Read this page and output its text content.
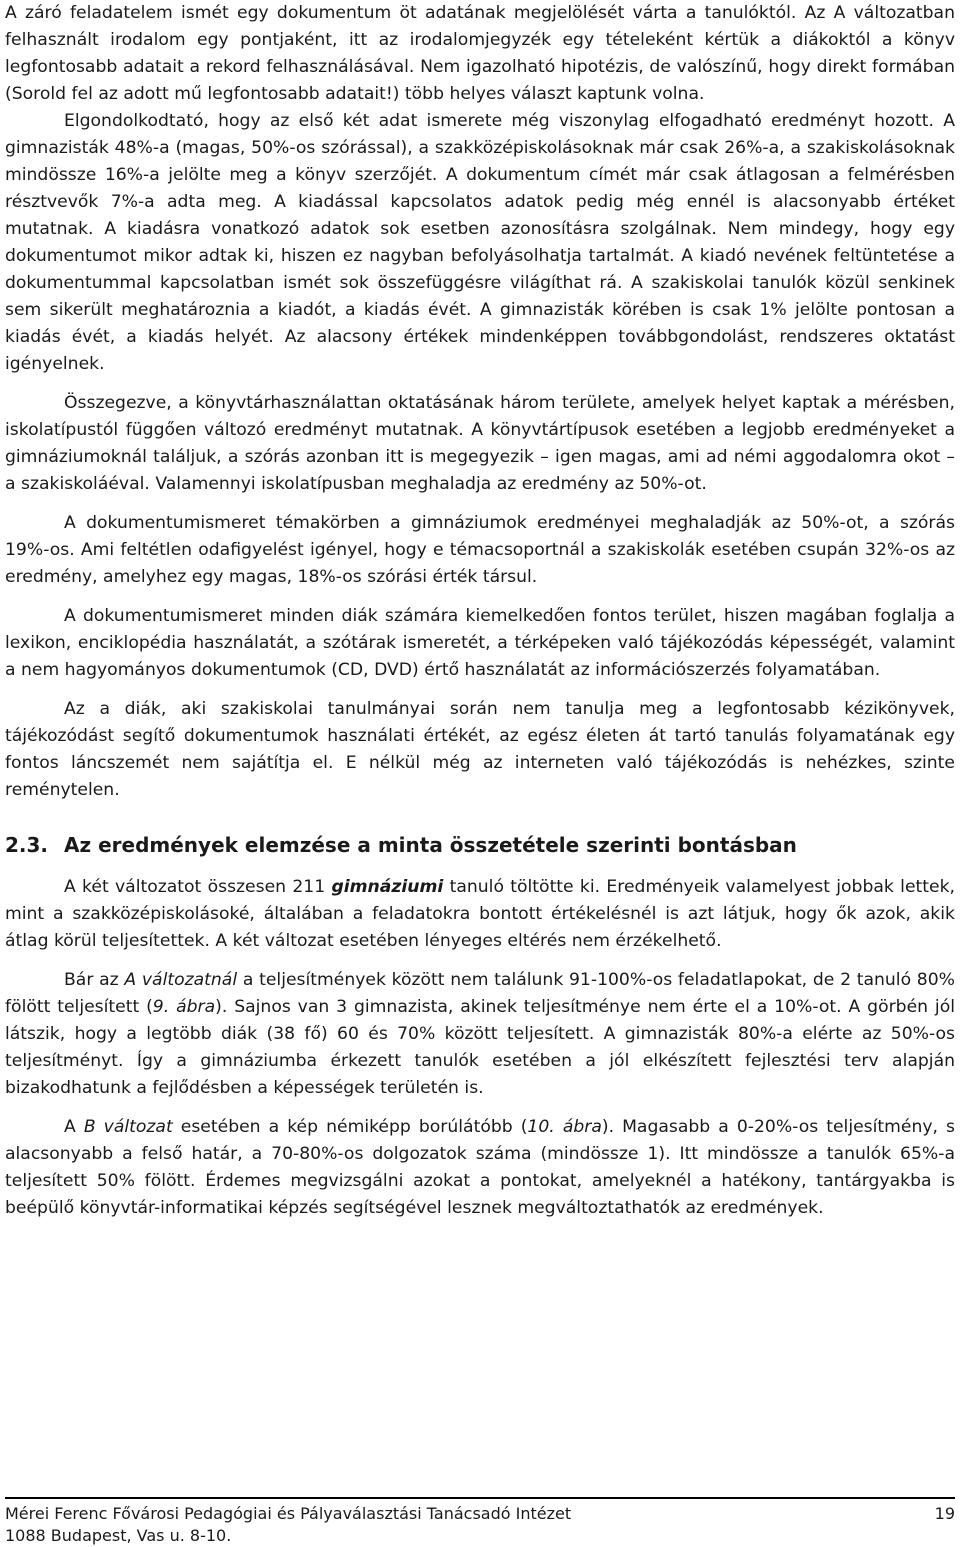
A záró feladatelem ismét egy dokumentum öt adatának megjelölését várta a tanulóktól. Az A változatban felhasznált irodalom egy pontjaként, itt az irodalomjegyzék egy tételeként kértük a diákoktól a könyv legfontosabb adatait a rekord felhasználásával. Nem igazolható hipotézis, de valószínű, hogy direkt formában (Sorold fel az adott mű legfontosabb adatait!) több helyes választ kaptunk volna.

Elgondolkodtató, hogy az első két adat ismerete még viszonylag elfogadható eredményt hozott. A gimnazisták 48%-a (magas, 50%-os szórással), a szakközépiskolásoknak már csak 26%-a, a szakiskolásoknak mindössze 16%-a jelölte meg a könyv szerzőjét. A dokumentum címét már csak átlagosan a felmérésben résztvevők 7%-a adta meg. A kiadással kapcsolatos adatok pedig még ennél is alacsonyabb értéket mutatnak. A kiadásra vonatkozó adatok sok esetben azonosításra szolgálnak. Nem mindegy, hogy egy dokumentumot mikor adtak ki, hiszen ez nagyban befolyásolhatja tartalmát. A kiadó nevének feltüntetése a dokumentummal kapcsolatban ismét sok összefüggésre világíthat rá. A szakiskolai tanulók közül senkinek sem sikerült meghatároznia a kiadót, a kiadás évét. A gimnazisták körében is csak 1% jelölte pontosan a kiadás évét, a kiadás helyét. Az alacsony értékek mindenképpen továbbgondolást, rendszeres oktatást igényelnek.

Összegezve, a könyvtárhasználattan oktatásának három területe, amelyek helyet kaptak a mérésben, iskolatípustól függően változó eredményt mutatnak. A könyvtártípusok esetében a legjobb eredményeket a gimnáziumoknál találjuk, a szórás azonban itt is megegyezik – igen magas, ami ad némi aggodalomra okot – a szakiskoláéval. Valamennyi iskolatípusban meghaladja az eredmény az 50%-ot.

A dokumentumismeret témakörben a gimnáziumok eredményei meghaladják az 50%-ot, a szórás 19%-os. Ami feltétlen odafigyelést igényel, hogy e témacsoportnál a szakiskolák esetében csupán 32%-os az eredmény, amelyhez egy magas, 18%-os szórási érték társul.

A dokumentumismeret minden diák számára kiemelkedően fontos terület, hiszen magában foglalja a lexikon, enciklopédia használatát, a szótárak ismeretét, a térképeken való tájékozódás képességét, valamint a nem hagyományos dokumentumok (CD, DVD) értő használatát az információszerzés folyamatában.

Az a diák, aki szakiskolai tanulmányai során nem tanulja meg a legfontosabb kézikönyvek, tájékozódást segítő dokumentumok használati értékét, az egész életen át tartó tanulás folyamatának egy fontos láncszemét nem sajátítja el. E nélkül még az interneten való tájékozódás is nehézkes, szinte reménytelen.

2.3. Az eredmények elemzése a minta összetétele szerinti bontásban

A két változatot összesen 211 gimnáziumi tanuló töltötte ki. Eredményeik valamelyest jobbak lettek, mint a szakközépiskolásoké, általában a feladatokra bontott értékelésnél is azt látjuk, hogy ők azok, akik átlag körül teljesítettek. A két változat esetében lényeges eltérés nem érzékelhető.

Bár az A változatnál a teljesítmények között nem találunk 91-100%-os feladatlapokat, de 2 tanuló 80% fölött teljesített (9. ábra). Sajnos van 3 gimnazista, akinek teljesítménye nem érte el a 10%-ot. A görbén jól látszik, hogy a legtöbb diák (38 fő) 60 és 70% között teljesített. A gimnazisták 80%-a elérte az 50%-os teljesítményt. Így a gimnáziumba érkezett tanulók esetében a jól elkészített fejlesztési terv alapján bizakodhatunk a fejlődésben a képességek területén is.

A B változat esetében a kép némiképp borúlátóbb (10. ábra). Magasabb a 0-20%-os teljesítmény, s alacsonyabb a felső határ, a 70-80%-os dolgozatok száma (mindössze 1). Itt mindössze a tanulók 65%-a teljesített 50% fölött. Érdemes megvizsgálni azokat a pontokat, amelyeknél a hatékony, tantárgyakba is beépülő könyvtár-informatikai képzés segítségével lesznek megváltoztathatók az eredmények.

Mérei Ferenc Fővárosi Pedagógiai és Pályaválasztási Tanácsadó Intézet	19
1088 Budapest, Vas u. 8-10.
